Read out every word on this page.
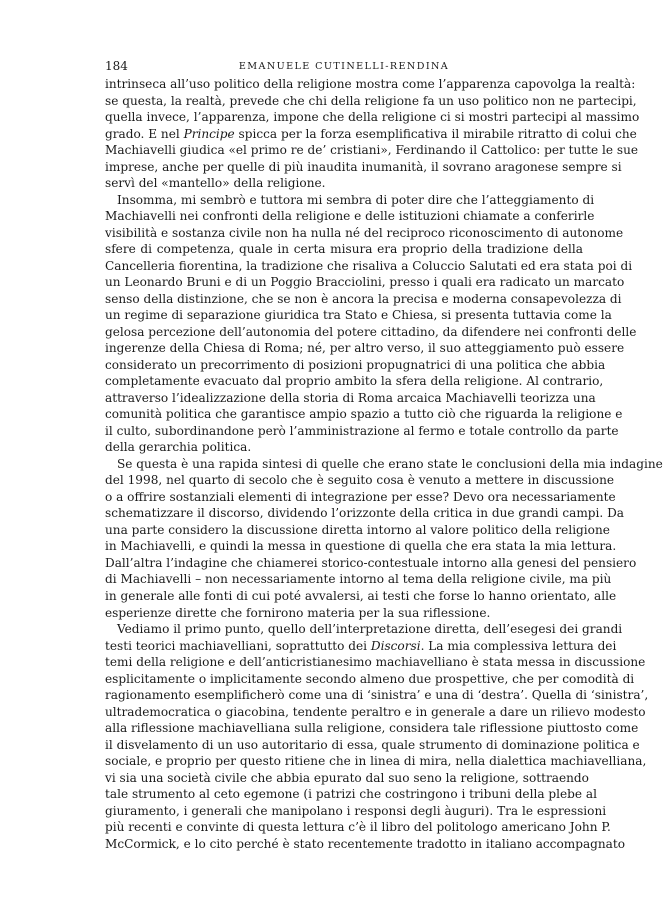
184	EMANUELE CUTINELLI-RENDINA
intrinseca all’uso politico della religione mostra come l’apparenza capovolga la realtà:
se questa, la realtà, prevede che chi della religione fa un uso politico non ne partecipi,
quella invece, l’apparenza, impone che della religione ci si mostri partecipi al massimo
grado. E nel Principe spicca per la forza esemplificativa il mirabile ritratto di colui che
Machiavelli giudica «el primo re de’ cristiani», Ferdinando il Cattolico: per tutte le sue
imprese, anche per quelle di più inaudita inumanità, il sovrano aragonese sempre si
servì del «mantello» della religione.
Insomma, mi sembrò e tuttora mi sembra di poter dire che l’atteggiamento di
Machiavelli nei confronti della religione e delle istituzioni chiamate a conferirle
visibilità e sostanza civile non ha nulla né del reciproco riconoscimento di autonome
sfere di competenza, quale in certa misura era proprio della tradizione della
Cancelleria fiorentina, la tradizione che risaliva a Coluccio Salutati ed era stata poi di
un Leonardo Bruni e di un Poggio Bracciolini, presso i quali era radicato un marcato
senso della distinzione, che se non è ancora la precisa e moderna consapevolezza di
un regime di separazione giuridica tra Stato e Chiesa, si presenta tuttavia come la
gelosa percezione dell’autonomia del potere cittadino, da difendere nei confronti delle
ingerenze della Chiesa di Roma; né, per altro verso, il suo atteggiamento può essere
considerato un precorrimento di posizioni propugnatrici di una politica che abbia
completamente evacuato dal proprio ambito la sfera della religione. Al contrario,
attraverso l’idealizzazione della storia di Roma arcaica Machiavelli teorizza una
comunità politica che garantisce ampio spazio a tutto ciò che riguarda la religione e
il culto, subordinandone però l’amministrazione al fermo e totale controllo da parte
della gerarchia politica.
Se questa è una rapida sintesi di quelle che erano state le conclusioni della mia indagine
del 1998, nel quarto di secolo che è seguito cosa è venuto a mettere in discussione
o a offrire sostanziali elementi di integrazione per esse? Devo ora necessariamente
schematizzare il discorso, dividendo l’orizzonte della critica in due grandi campi. Da
una parte considero la discussione diretta intorno al valore politico della religione
in Machiavelli, e quindi la messa in questione di quella che era stata la mia lettura.
Dall’altra l’indagine che chiamerei storico-contestuale intorno alla genesi del pensiero
di Machiavelli – non necessariamente intorno al tema della religione civile, ma più
in generale alle fonti di cui poté avvalersi, ai testi che forse lo hanno orientato, alle
esperienze dirette che fornirono materia per la sua riflessione.
Vediamo il primo punto, quello dell’interpretazione diretta, dell’esegesi dei grandi
testi teorici machiavelliani, soprattutto dei Discorsi. La mia complessiva lettura dei
temi della religione e dell’anticristianesimo machiavelliano è stata messa in discussione
esplicitamente o implicitamente secondo almeno due prospettive, che per comodità di
ragionamento esemplificherò come una di ‘sinistra’ e una di ‘destra’. Quella di ‘sinistra’,
ultrademocratica o giacobina, tendente peraltro e in generale a dare un rilievo modesto
alla riflessione machiavelliana sulla religione, considera tale riflessione piuttosto come
il disvelamento di un uso autoritario di essa, quale strumento di dominazione politica e
sociale, e proprio per questo ritiene che in linea di mira, nella dialettica machiavelliana,
vi sia una società civile che abbia epurato dal suo seno la religione, sottraendo
tale strumento al ceto egemone (i patrizi che costringono i tribuni della plebe al
giuramento, i generali che manipolano i responsi degli àuguri). Tra le espressioni
più recenti e convinte di questa lettura c’è il libro del politologo americano John P.
McCormick, e lo cito perché è stato recentemente tradotto in italiano accompagnato
